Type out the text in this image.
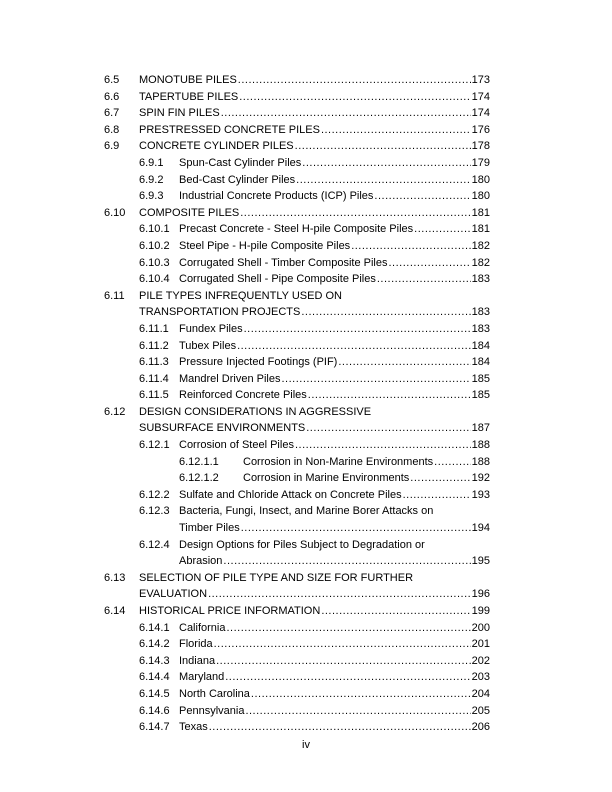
6.5	MONOTUBE PILES .....	173
6.6	TAPERTUBE PILES .....	174
6.7	SPIN FIN PILES .....	174
6.8	PRESTRESSED CONCRETE PILES .....	176
6.9	CONCRETE CYLINDER PILES .....	178
6.9.1	Spun-Cast Cylinder Piles .....	179
6.9.2	Bed-Cast Cylinder Piles .....	180
6.9.3	Industrial Concrete Products (ICP) Piles .....	180
6.10	COMPOSITE PILES .....	181
6.10.1 Precast Concrete - Steel H-pile Composite Piles .....	181
6.10.2 Steel Pipe - H-pile Composite Piles .....	182
6.10.3 Corrugated Shell - Timber Composite Piles .....	182
6.10.4 Corrugated Shell - Pipe Composite Piles .....	183
6.11	PILE TYPES INFREQUENTLY USED ON
TRANSPORTATION PROJECTS .....	183
6.11.1 Fundex Piles .....	183
6.11.2 Tubex Piles .....	184
6.11.3 Pressure Injected Footings (PIF) .....	184
6.11.4 Mandrel Driven Piles .....	185
6.11.5 Reinforced Concrete Piles .....	185
6.12	DESIGN CONSIDERATIONS IN AGGRESSIVE
SUBSURFACE ENVIRONMENTS .....	187
6.12.1 Corrosion of Steel Piles .....	188
6.12.1.1	Corrosion in Non-Marine Environments .....	188
6.12.1.2	Corrosion in Marine Environments .....	192
6.12.2 Sulfate and Chloride Attack on Concrete Piles .....	193
6.12.3 Bacteria, Fungi, Insect, and Marine Borer Attacks on
Timber Piles .....	194
6.12.4 Design Options for Piles Subject to Degradation or
Abrasion .....	195
6.13	SELECTION OF PILE TYPE AND SIZE FOR FURTHER
EVALUATION .....	196
6.14	HISTORICAL PRICE INFORMATION .....	199
6.14.1 California .....	200
6.14.2 Florida .....	201
6.14.3 Indiana .....	202
6.14.4 Maryland .....	203
6.14.5 North Carolina .....	204
6.14.6 Pennsylvania .....	205
6.14.7 Texas .....	206
iv
